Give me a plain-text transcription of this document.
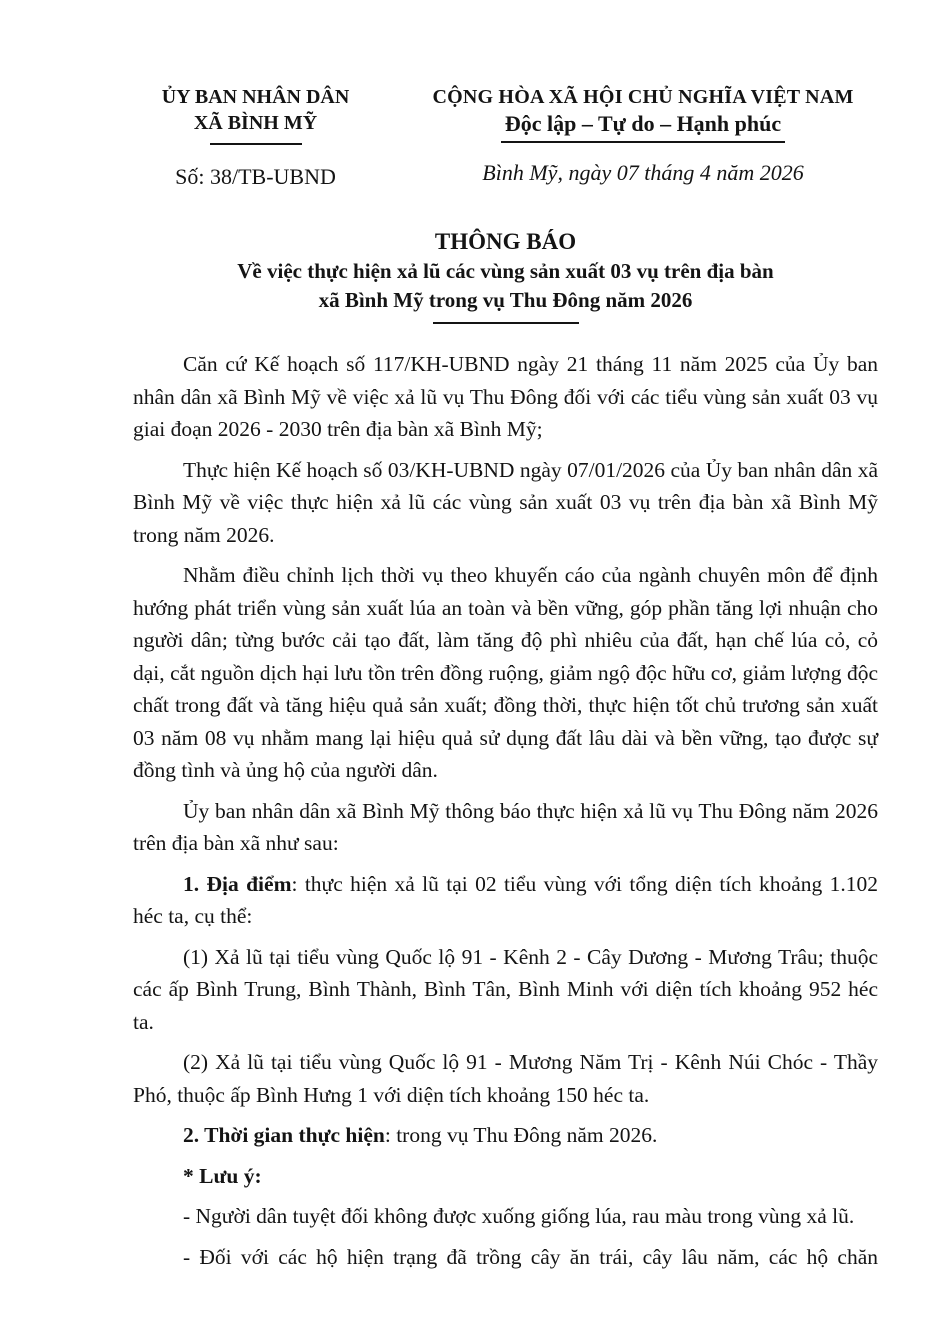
ỦY BAN NHÂN DÂN
XÃ BÌNH MỸ
Số: 38/TB-UBND
CỘNG HÒA XÃ HỘI CHỦ NGHĨA VIỆT NAM
Độc lập – Tự do – Hạnh phúc
Bình Mỹ, ngày 07 tháng 4 năm 2026
THÔNG BÁO
Về việc thực hiện xả lũ các vùng sản xuất 03 vụ trên địa bàn
xã Bình Mỹ trong vụ Thu Đông năm 2026

Căn cứ Kế hoạch số 117/KH-UBND ngày 21 tháng 11 năm 2025 của Ủy ban nhân dân xã Bình Mỹ về việc xả lũ vụ Thu Đông đối với các tiểu vùng sản xuất 03 vụ giai đoạn 2026 - 2030 trên địa bàn xã Bình Mỹ;

Thực hiện Kế hoạch số 03/KH-UBND ngày 07/01/2026 của Ủy ban nhân dân xã Bình Mỹ về việc thực hiện xả lũ các vùng sản xuất 03 vụ trên địa bàn xã Bình Mỹ trong năm 2026.

Nhằm điều chỉnh lịch thời vụ theo khuyến cáo của ngành chuyên môn để định hướng phát triển vùng sản xuất lúa an toàn và bền vững, góp phần tăng lợi nhuận cho người dân; từng bước cải tạo đất, làm tăng độ phì nhiêu của đất, hạn chế lúa cỏ, cỏ dại, cắt nguồn dịch hại lưu tồn trên đồng ruộng, giảm ngộ độc hữu cơ, giảm lượng độc chất trong đất và tăng hiệu quả sản xuất; đồng thời, thực hiện tốt chủ trương sản xuất 03 năm 08 vụ nhằm mang lại hiệu quả sử dụng đất lâu dài và bền vững, tạo được sự đồng tình và ủng hộ của người dân.

Ủy ban nhân dân xã Bình Mỹ thông báo thực hiện xả lũ vụ Thu Đông năm 2026 trên địa bàn xã như sau:

1. Địa điểm: thực hiện xả lũ tại 02 tiểu vùng với tổng diện tích khoảng 1.102 héc ta, cụ thể:

(1) Xả lũ tại tiểu vùng Quốc lộ 91 - Kênh 2 - Cây Dương - Mương Trâu; thuộc các ấp Bình Trung, Bình Thành, Bình Tân, Bình Minh với diện tích khoảng 952 héc ta.

(2) Xả lũ tại tiểu vùng Quốc lộ 91 - Mương Năm Trị - Kênh Núi Chóc - Thầy Phó, thuộc ấp Bình Hưng 1 với diện tích khoảng 150 héc ta.

2. Thời gian thực hiện: trong vụ Thu Đông năm 2026.

* Lưu ý:

- Người dân tuyệt đối không được xuống giống lúa, rau màu trong vùng xả lũ.

- Đối với các hộ hiện trạng đã trồng cây ăn trái, cây lâu năm, các hộ chăn
